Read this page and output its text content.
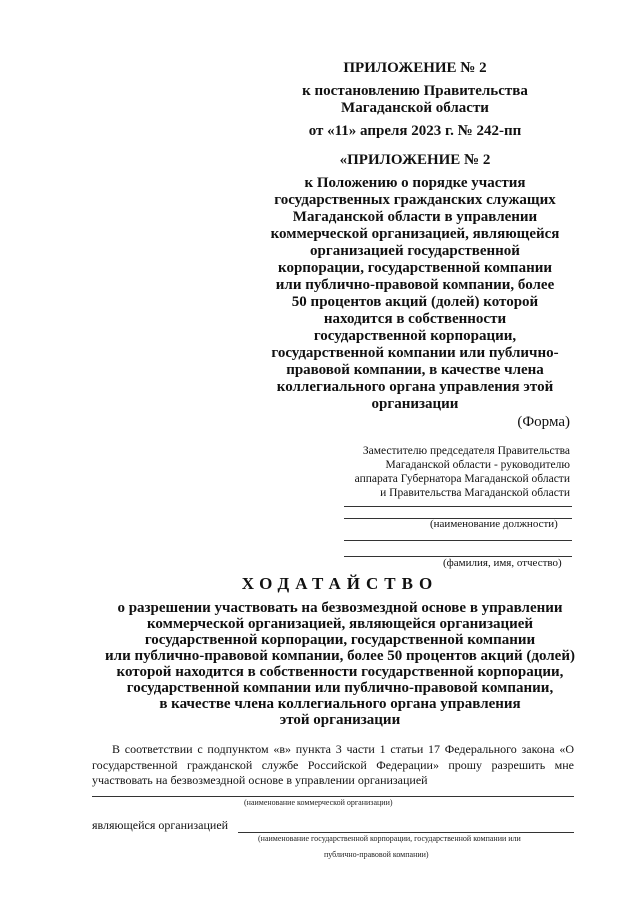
ПРИЛОЖЕНИЕ № 2
к постановлению Правительства
Магаданской области
от «11» апреля 2023 г. № 242-пп
«ПРИЛОЖЕНИЕ № 2
к Положению о порядке участия
государственных гражданских служащих
Магаданской области в управлении
коммерческой организацией, являющейся
организацией государственной
корпорации, государственной компании
или публично-правовой компании, более
50 процентов акций (долей) которой
находится в собственности
государственной корпорации,
государственной компании или публично-
правовой компании, в качестве члена
коллегиального органа управления этой
организации
(Форма)
Заместителю председателя Правительства
Магаданской области - руководителю
аппарата Губернатора Магаданской области
и Правительства Магаданской области
(наименование должности)
(фамилия, имя, отчество)
ХОДАТАЙСТВО
о разрешении участвовать на безвозмездной основе в управлении
коммерческой организацией, являющейся организацией
государственной корпорации, государственной компании
или публично-правовой компании, более 50 процентов акций (долей)
которой находится в собственности государственной корпорации,
государственной компании или публично-правовой компании,
в качестве члена коллегиального органа управления
этой организации
В соответствии с подпунктом «в» пункта 3 части 1 статьи 17 Федерального закона «О государственной гражданской службе Российской Федерации» прошу разрешить мне участвовать на безвозмездной основе в управлении организацией
(наименование коммерческой организации)
являющейся организацией
(наименование государственной корпорации, государственной компании или
публично-правовой компании)
